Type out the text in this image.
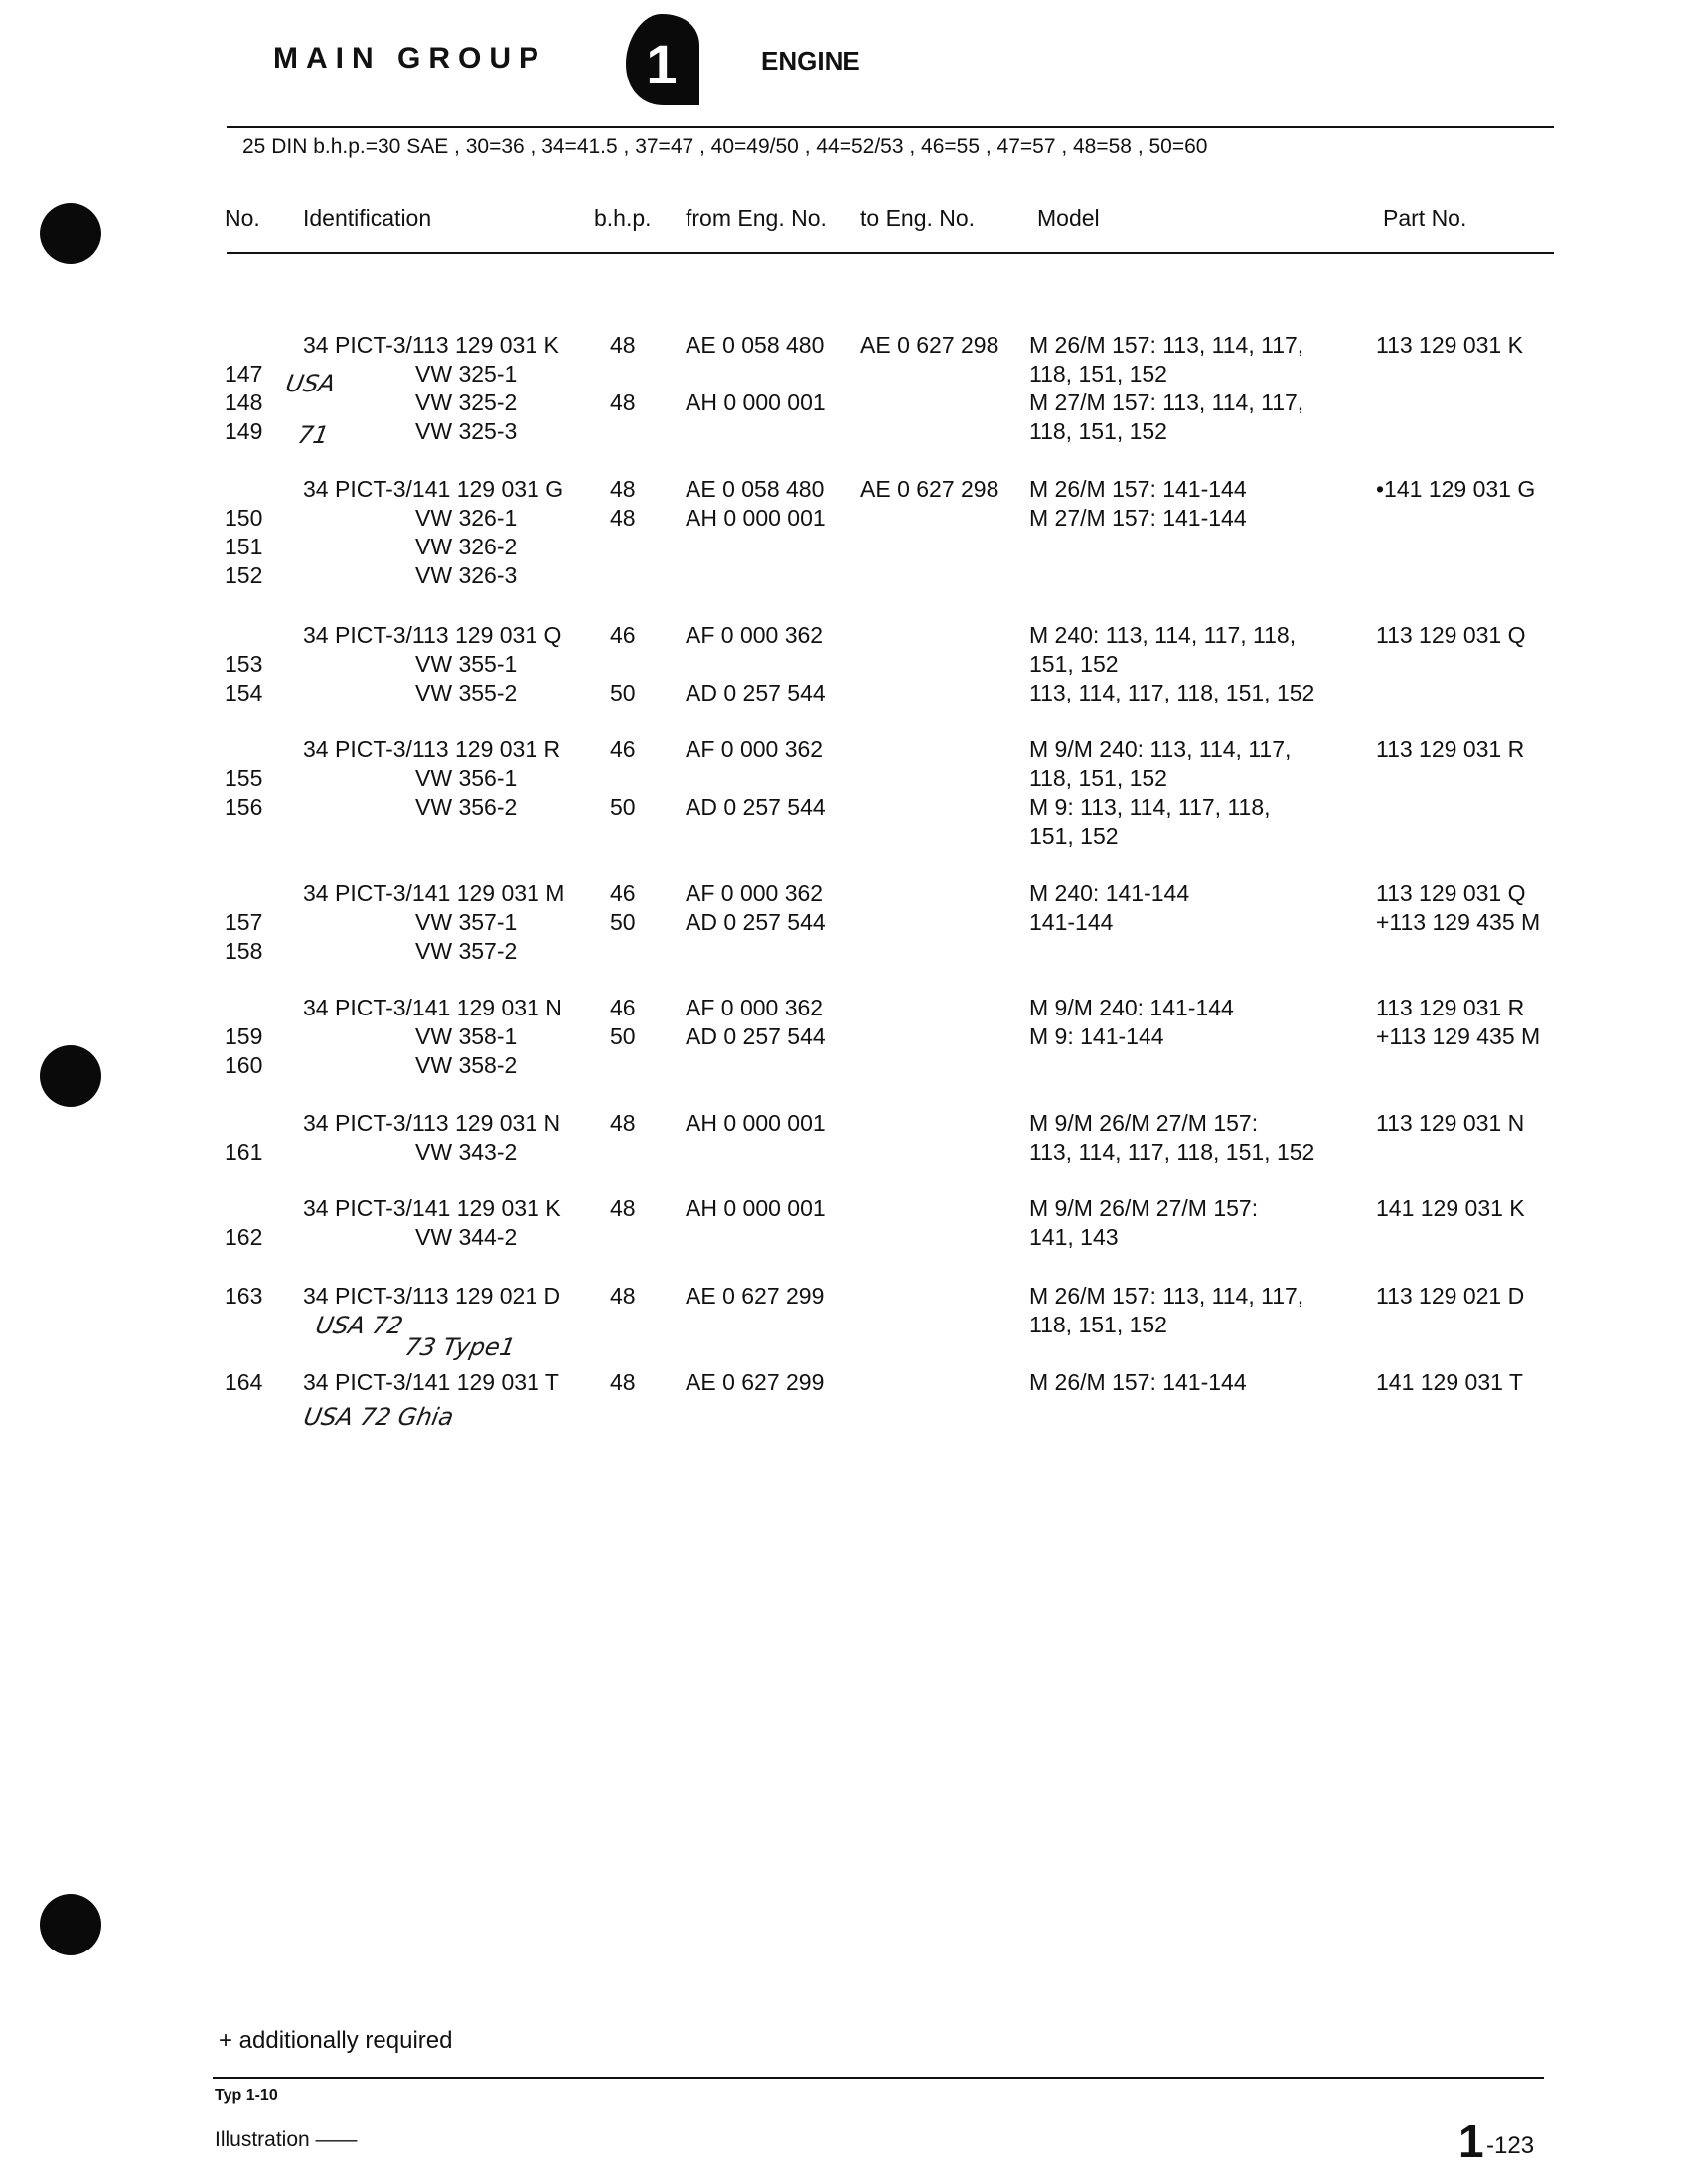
MAIN GROUP 1	ENGINE
25 DIN b.h.p.=30 SAE , 30=36 , 34=41.5 , 37=47 , 40=49/50 , 44=52/53 , 46=55 , 47=57 , 48=58 , 50=60
No. Identification	b.h.p. from Eng. No. to Eng. No.	Model	Part No.
34 PICT-3/113 129 031 K 48 AE 0 058 480 AE 0 627 298 M 26/M 157: 113, 114, 117,	113 129 031 K
147	VW 325-1	118, 151, 152
148	VW 325-2	48 AH 0 000 001	M 27/M 157: 113, 114, 117,
149	VW 325-3	118, 151, 152
34 PICT-3/141 129 031 G 48 AE 0 058 480 AE 0 627 298 M 26/M 157: 141-144	•141 129 031 G
150	VW 326-1	48 AH 0 000 001	M 27/M 157: 141-144
151	VW 326-2
152	VW 326-3
34 PICT-3/113 129 031 Q 46 AF 0 000 362	M 240: 113, 114, 117, 118,	113 129 031 Q
153	VW 355-1	151, 152
154	VW 355-2	50 AD 0 257 544	113, 114, 117, 118, 151, 152
34 PICT-3/113 129 031 R 46 AF 0 000 362	M 9/M 240: 113, 114, 117,	113 129 031 R
155	VW 356-1	118, 151, 152
156	VW 356-2	50 AD 0 257 544	M 9: 113, 114, 117, 118,
151, 152
34 PICT-3/141 129 031 M 46 AF 0 000 362	M 240: 141-144	113 129 031 Q
157	VW 357-1	50 AD 0 257 544	141-144	+113 129 435 M
158	VW 357-2
34 PICT-3/141 129 031 N 46 AF 0 000 362	M 9/M 240: 141-144	113 129 031 R
159	VW 358-1	50 AD 0 257 544	M 9: 141-144	+113 129 435 M
160	VW 358-2
34 PICT-3/113 129 031 N 48 AH 0 000 001	M 9/M 26/M 27/M 157:	113 129 031 N
161	VW 343-2	113, 114, 117, 118, 151, 152
34 PICT-3/141 129 031 K 48 AH 0 000 001	M 9/M 26/M 27/M 157:	141 129 031 K
162	VW 344-2	141, 143
163 34 PICT-3/113 129 021 D 48 AE 0 627 299	M 26/M 157: 113, 114, 117,	113 129 021 D
118, 151, 152
164 34 PICT-3/141 129 031 T 48 AE 0 627 299	M 26/M 157: 141-144	141 129 031 T
USA
71
USA 72
73 Type1
USA 72 Ghia
+ additionally required
Typ 1-10
Illustration ——	1 -123
